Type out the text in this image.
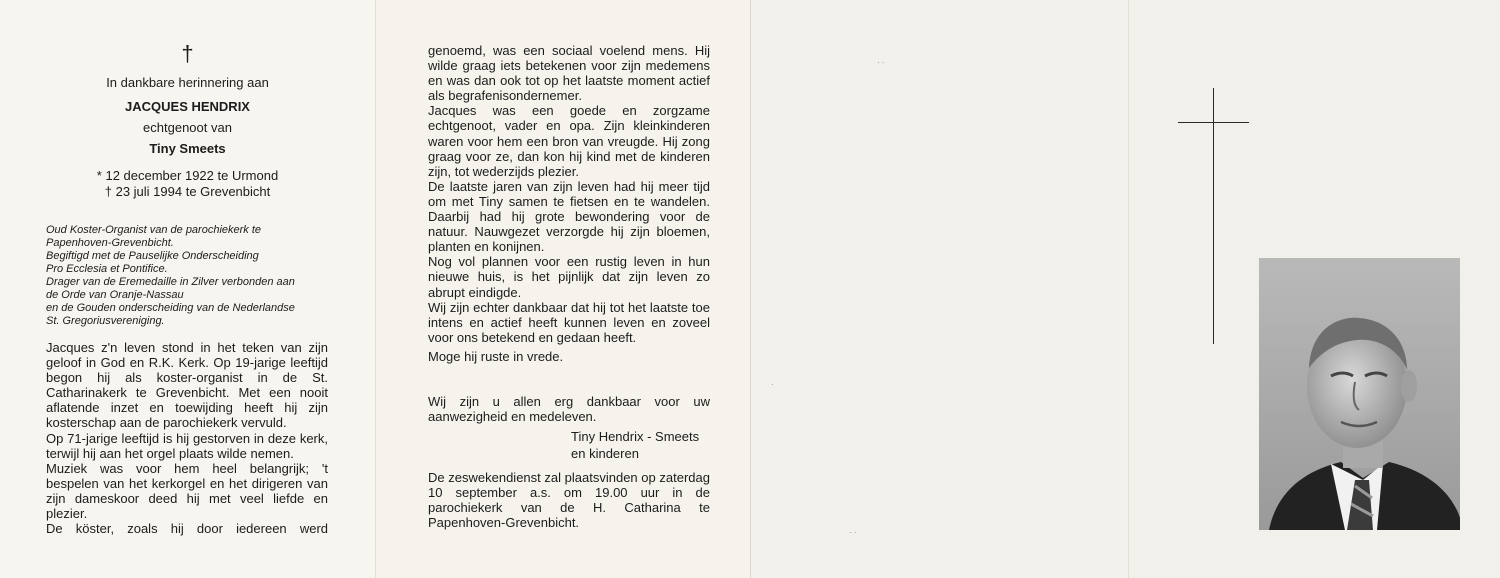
†
In dankbare herinnering aan
JACQUES HENDRIX
echtgenoot van
Tiny Smeets
* 12 december 1922 te Urmond
† 23 juli 1994 te Grevenbicht
Oud Koster-Organist van de parochiekerk te
Papenhoven-Grevenbicht.
Begiftigd met de Pauselijke Onderscheiding
Pro Ecclesia et Pontifice.
Drager van de Eremedaille in Zilver verbonden aan
de Orde van Oranje-Nassau
en de Gouden onderscheiding van de Nederlandse
St. Gregoriusvereniging.

Jacques z'n leven stond in het teken van zijn geloof in God en R.K. Kerk. Op 19-jarige leeftijd begon hij als koster-organist in de St. Catharinakerk te Grevenbicht. Met een nooit aflatende inzet en toewijding heeft hij zijn kosterschap aan de parochiekerk vervuld.

Op 71-jarige leeftijd is hij gestorven in deze kerk, terwijl hij aan het orgel plaats wilde nemen.

Muziek was voor hem heel belangrijk; 't bespelen van het kerkorgel en het dirigeren van zijn dameskoor deed hij met veel liefde en plezier.

De köster, zoals hij door iedereen werd

genoemd, was een sociaal voelend mens. Hij wilde graag iets betekenen voor zijn medemens en was dan ook tot op het laatste moment actief als begrafenisondernemer.

Jacques was een goede en zorgzame echtgenoot, vader en opa. Zijn kleinkinderen waren voor hem een bron van vreugde. Hij zong graag voor ze, dan kon hij kind met de kinderen zijn, tot wederzijds plezier.

De laatste jaren van zijn leven had hij meer tijd om met Tiny samen te fietsen en te wandelen. Daarbij had hij grote bewondering voor de natuur. Nauwgezet verzorgde hij zijn bloemen, planten en konijnen.

Nog vol plannen voor een rustig leven in hun nieuwe huis, is het pijnlijk dat zijn leven zo abrupt eindigde.

Wij zijn echter dankbaar dat hij tot het laatste toe intens en actief heeft kunnen leven en zoveel voor ons betekend en gedaan heeft.

Moge hij ruste in vrede.

Wij zijn u allen erg dankbaar voor uw aanwezigheid en medeleven.

Tiny Hendrix - Smeets
en kinderen

De zeswekendienst zal plaatsvinden op zaterdag 10 september a.s. om 19.00 uur in de parochiekerk van de H. Catharina te Papenhoven-Grevenbicht.

· ·
·
· ·
